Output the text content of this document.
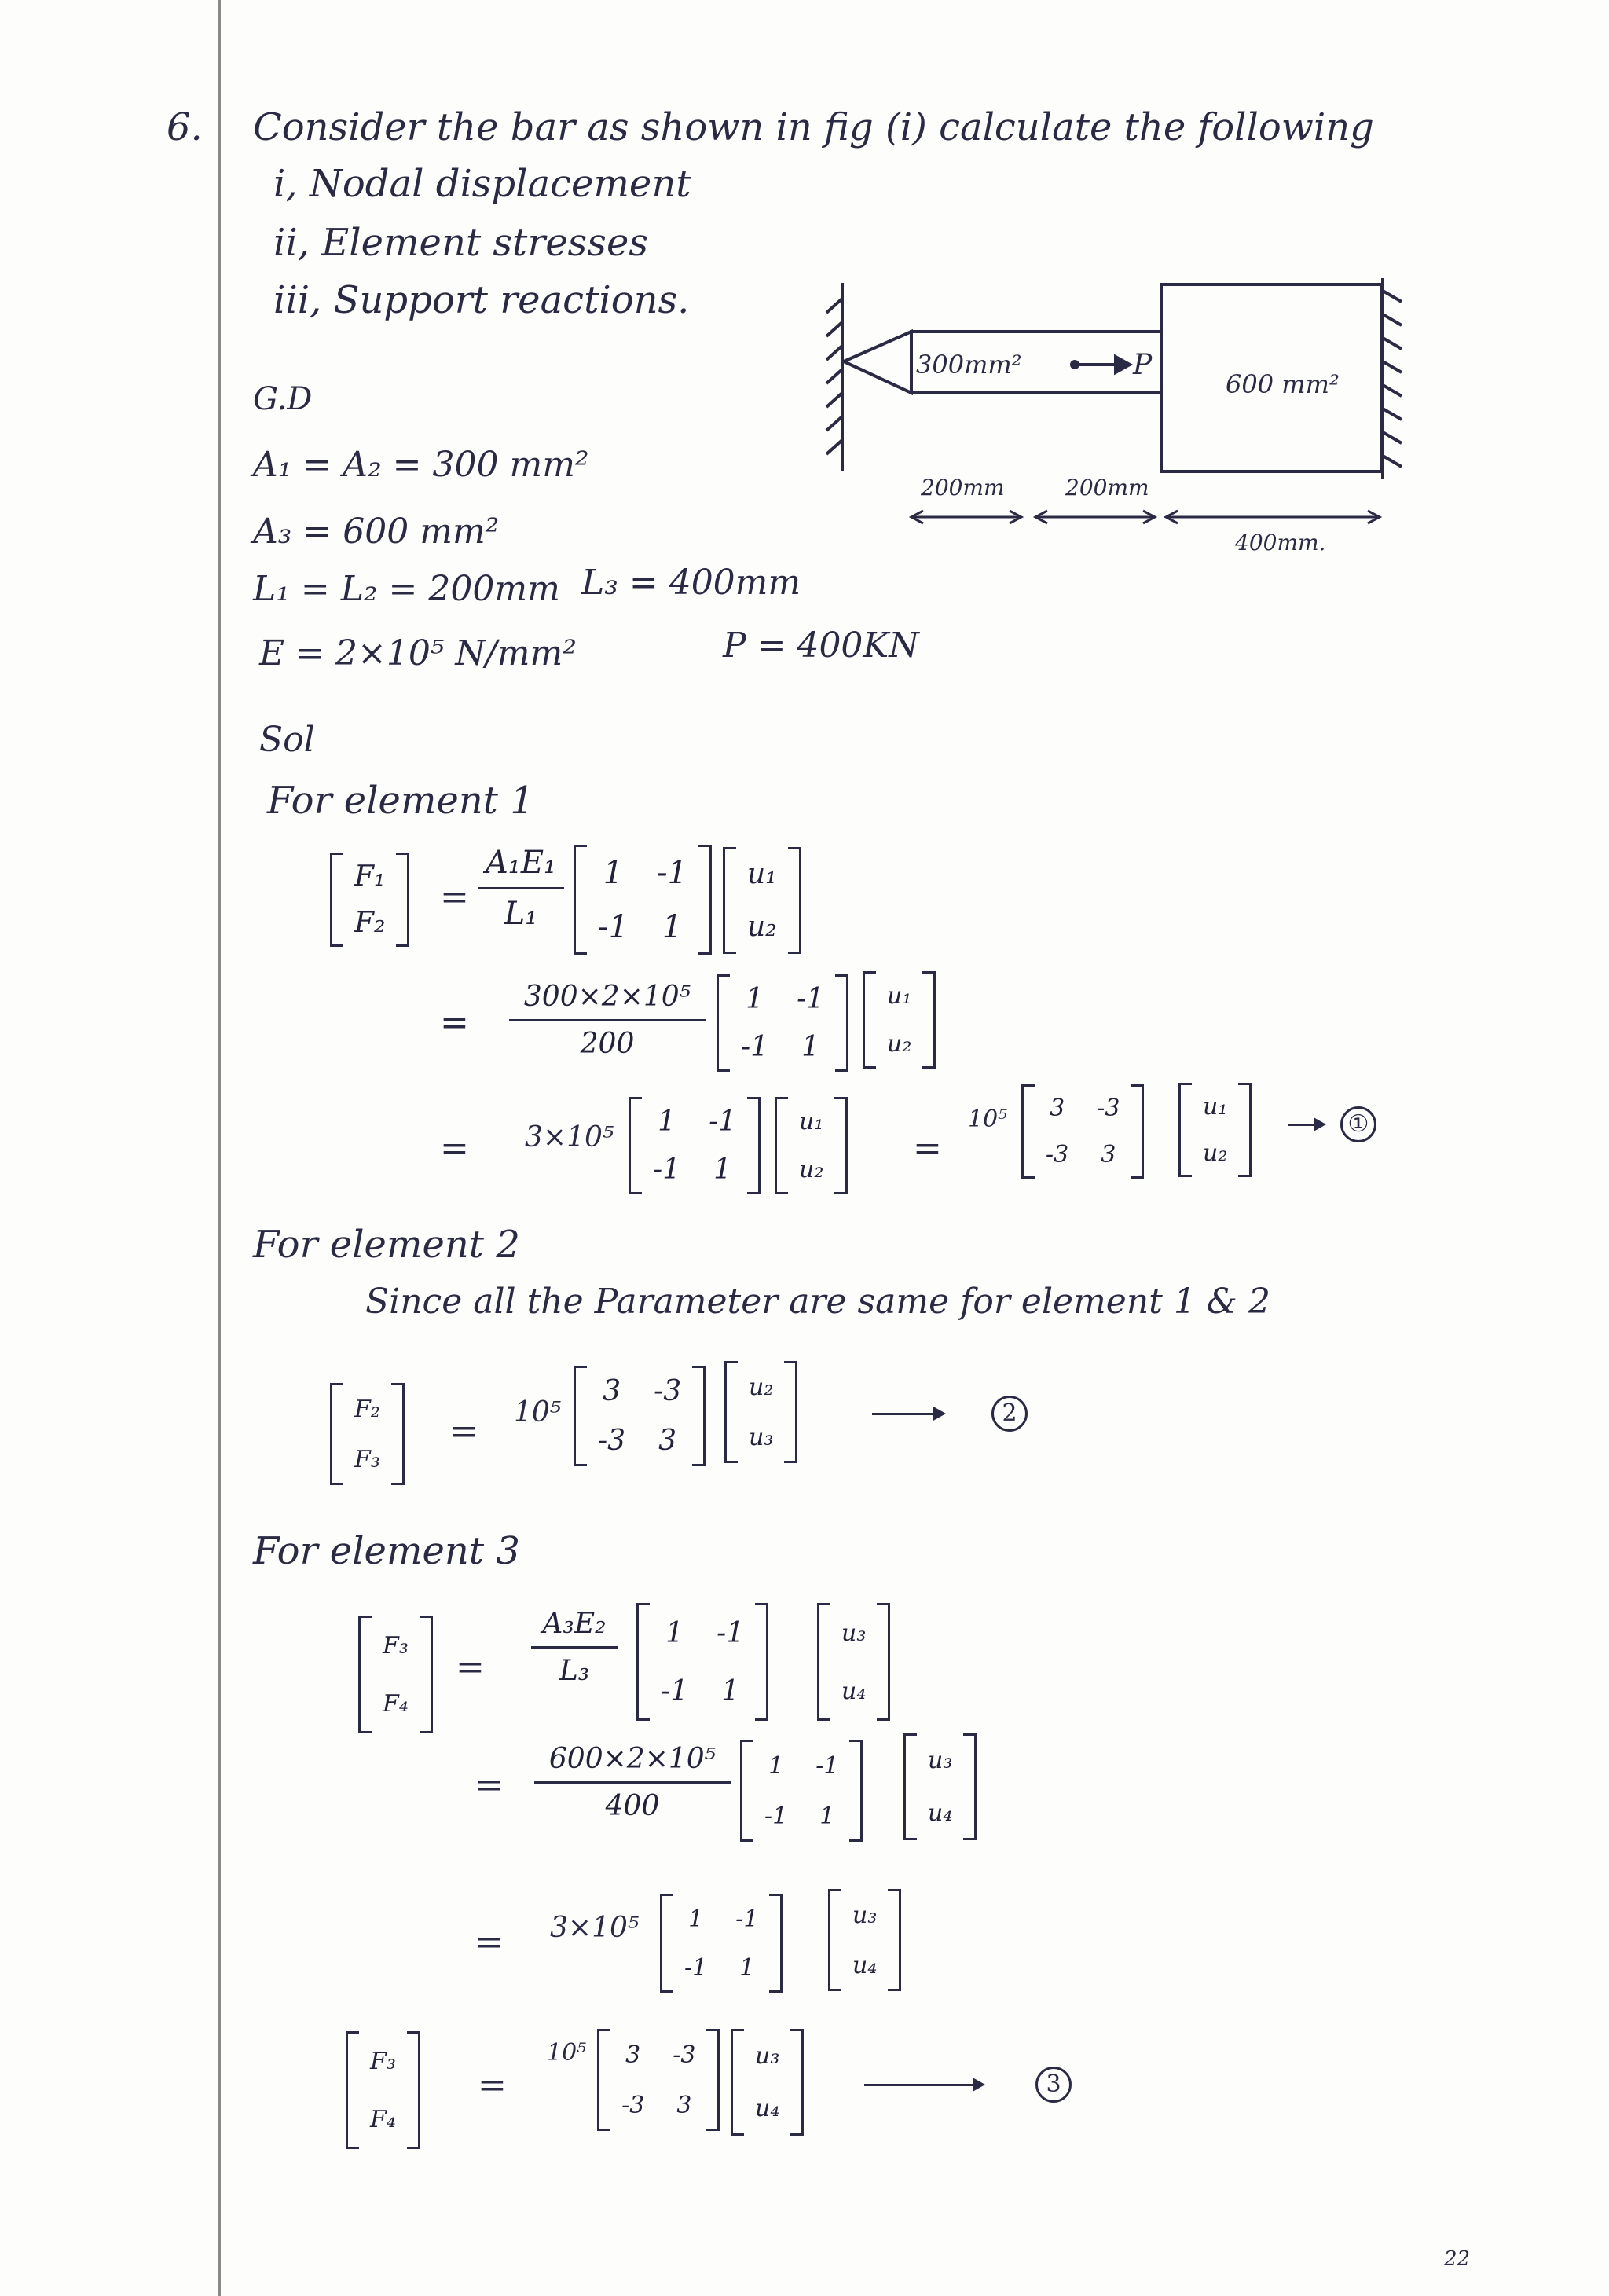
6. Consider the bar as shown in fig (i) calculate the following
i, Nodal displacement
ii, Element stresses
iii, Support reactions.
300mm²	P
600 mm²
200mm	200mm
400mm.
G.D
A₁ = A₂ = 300 mm²
A₃ = 600 mm²
L₁ = L₂ = 200mm L₃ = 400mm
E = 2×10⁵ N/mm²	P = 400KN
Sol
For element 1
F₁
F₂
=
A₁E₁
L₁
1 -1
-1 1
u₁
u₂
=
300×2×10⁵
200
1 -1
-1 1
u₁
u₂
= 3×10⁵ 1 -1
-1 1
u₁
u₂
=
10⁵ 3 -3
-3 3
u₁
u₂
①
For element 2
Since all the Parameter are same for element 1 & 2
F₂
F₃
= 10⁵
3 -3
-3 3
u₂
u₃
2
For element 3
F₃
F₄
=
A₃E₂
L₃
1 -1
-1 1
u₃
u₄
=
600×2×10⁵
400
1 -1
-1 1
u₃
u₄
= 3×10⁵ 1 -1
-1 1
u₃
u₄
F₃
F₄
=
10⁵ 3 -3
-3 3
u₃
u₄
3
22
